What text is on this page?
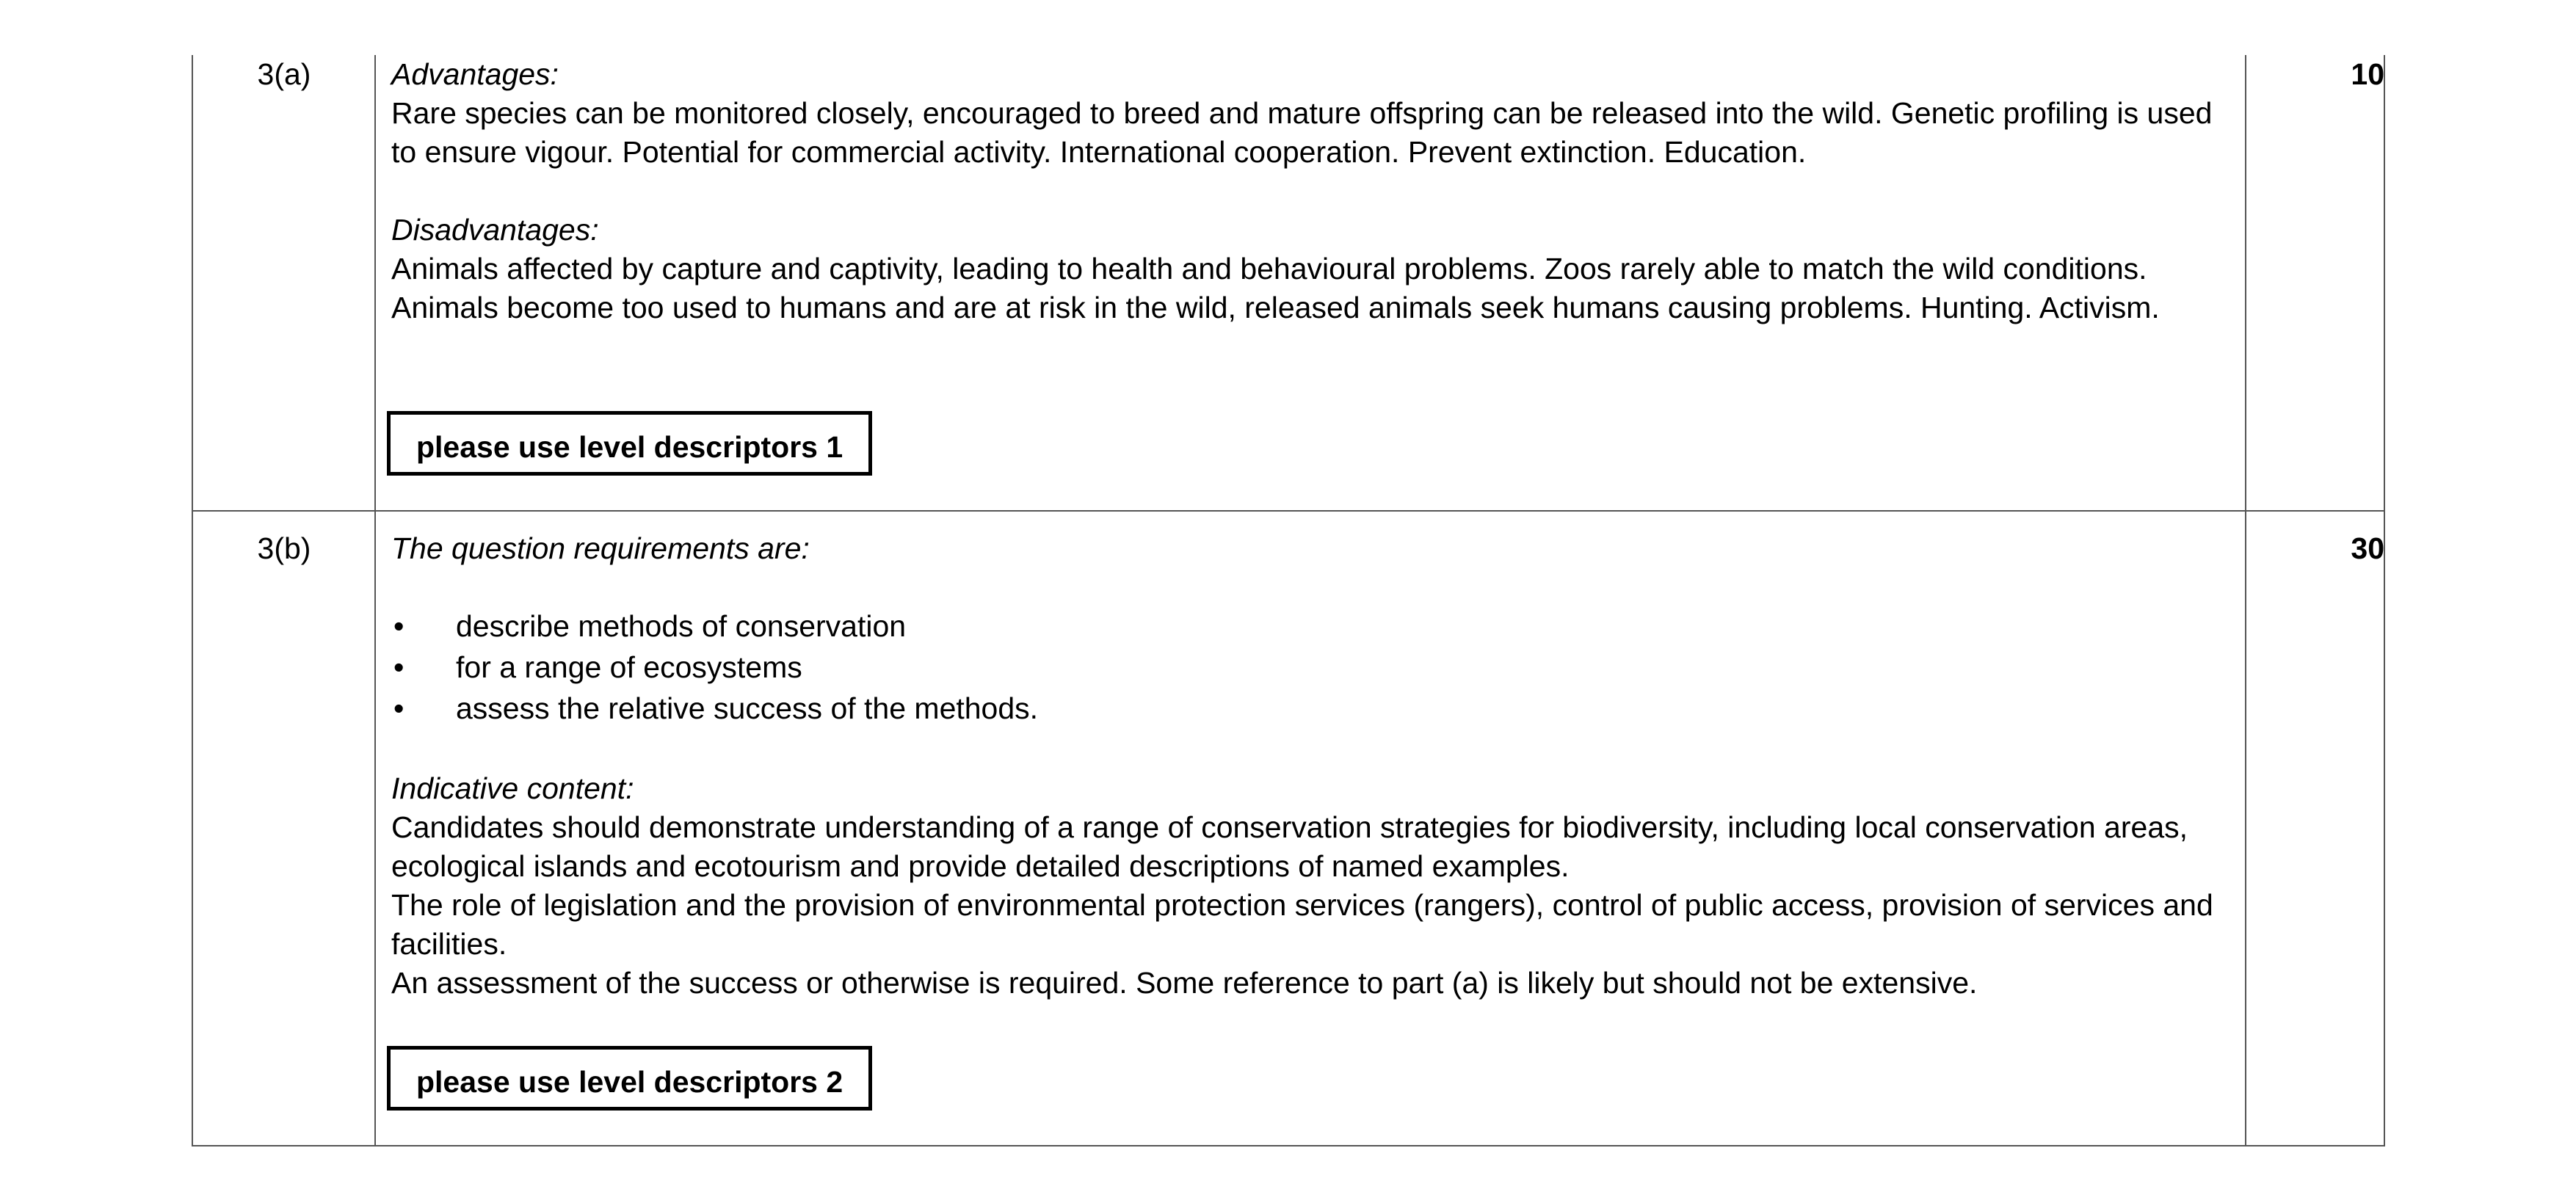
3(a)	10

Advantages:

Rare species can be monitored closely, encouraged to breed and mature offspring can be released into the wild. Genetic profiling is used to ensure vigour. Potential for commercial activity. International cooperation. Prevent extinction. Education.

Disadvantages:

Animals affected by capture and captivity, leading to health and behavioural problems. Zoos rarely able to match the wild conditions. Animals become too used to humans and are at risk in the wild, released animals seek humans causing problems. Hunting. Activism.

please use level descriptors 1
3(b)	30

The question requirements are:

• describe methods of conservation
• for a range of ecosystems
• assess the relative success of the methods.

Indicative content:

Candidates should demonstrate understanding of a range of conservation strategies for biodiversity, including local conservation areas, ecological islands and ecotourism and provide detailed descriptions of named examples.

The role of legislation and the provision of environmental protection services (rangers), control of public access, provision of services and facilities.

An assessment of the success or otherwise is required. Some reference to part (a) is likely but should not be extensive.

please use level descriptors 2
